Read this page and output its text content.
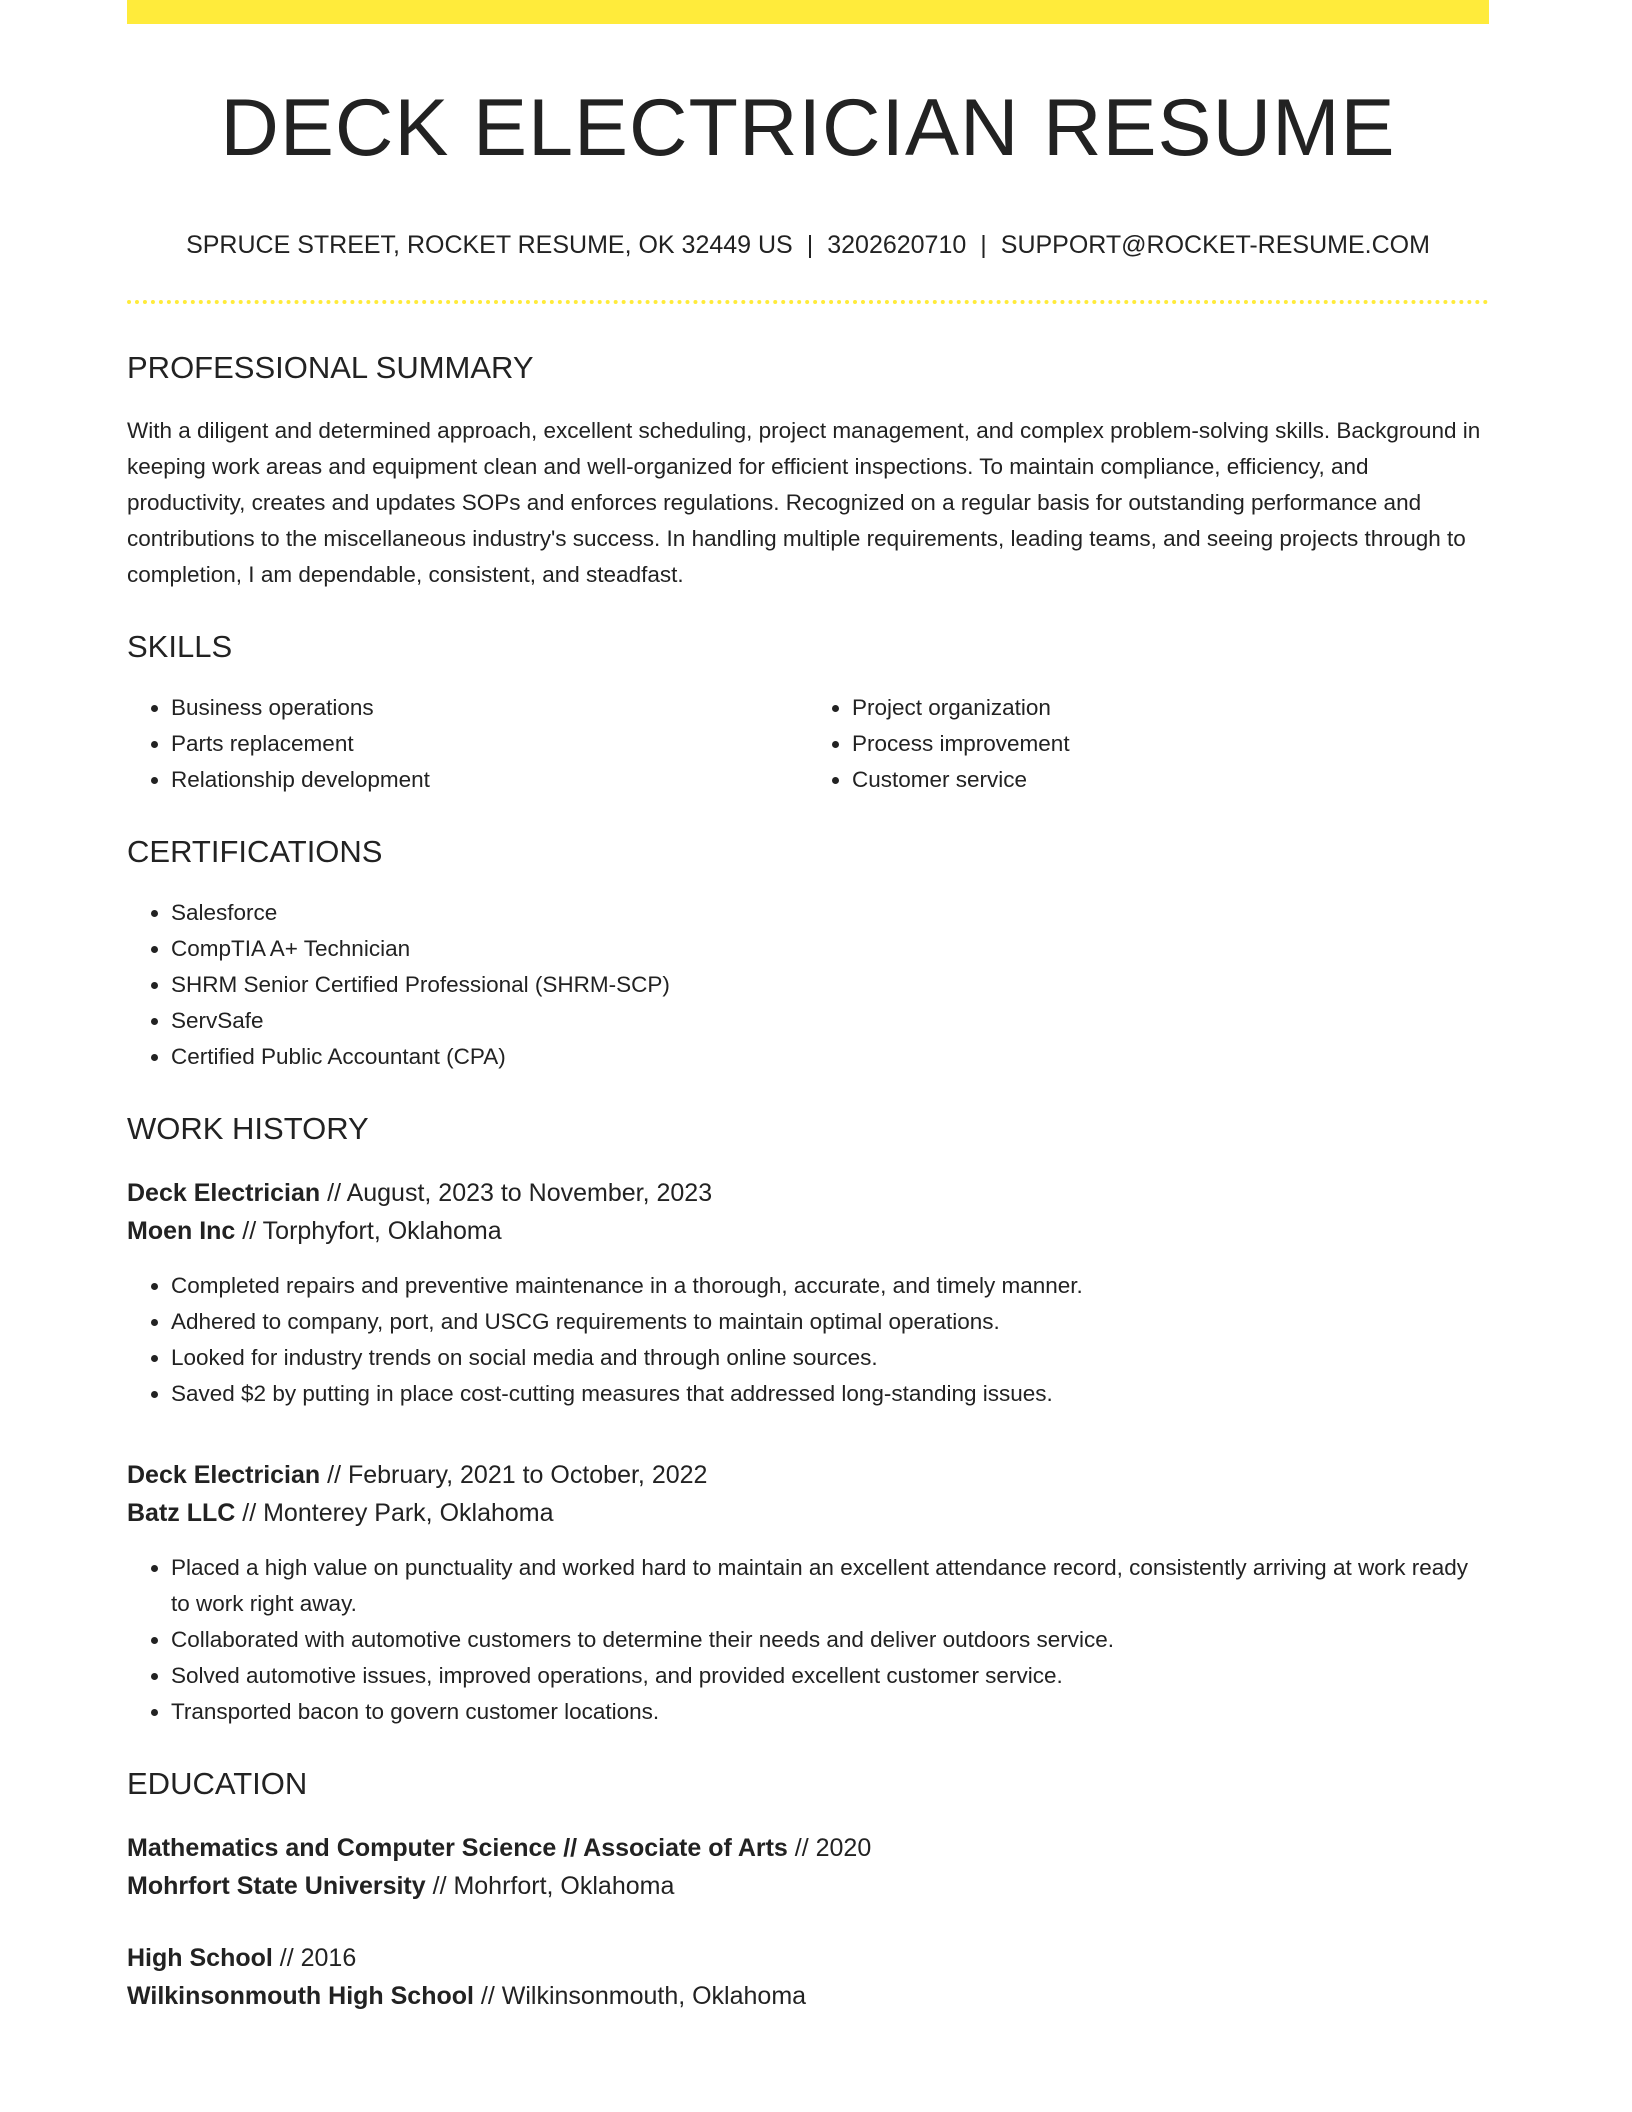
DECK ELECTRICIAN RESUME
SPRUCE STREET, ROCKET RESUME, OK 32449 US | 3202620710 | SUPPORT@ROCKET-RESUME.COM
PROFESSIONAL SUMMARY
With a diligent and determined approach, excellent scheduling, project management, and complex problem-solving skills. Background in keeping work areas and equipment clean and well-organized for efficient inspections. To maintain compliance, efficiency, and productivity, creates and updates SOPs and enforces regulations. Recognized on a regular basis for outstanding performance and contributions to the miscellaneous industry's success. In handling multiple requirements, leading teams, and seeing projects through to completion, I am dependable, consistent, and steadfast.
SKILLS
• Business operations
• Parts replacement
• Relationship development
• Project organization
• Process improvement
• Customer service
CERTIFICATIONS
• Salesforce
• CompTIA A+ Technician
• SHRM Senior Certified Professional (SHRM-SCP)
• ServSafe
• Certified Public Accountant (CPA)
WORK HISTORY
Deck Electrician // August, 2023 to November, 2023
Moen Inc // Torphyfort, Oklahoma
• Completed repairs and preventive maintenance in a thorough, accurate, and timely manner.
• Adhered to company, port, and USCG requirements to maintain optimal operations.
• Looked for industry trends on social media and through online sources.
• Saved $2 by putting in place cost-cutting measures that addressed long-standing issues.
Deck Electrician // February, 2021 to October, 2022
Batz LLC // Monterey Park, Oklahoma
• Placed a high value on punctuality and worked hard to maintain an excellent attendance record, consistently arriving at work ready to work right away.
• Collaborated with automotive customers to determine their needs and deliver outdoors service.
• Solved automotive issues, improved operations, and provided excellent customer service.
• Transported bacon to govern customer locations.
EDUCATION
Mathematics and Computer Science // Associate of Arts // 2020
Mohrfort State University // Mohrfort, Oklahoma
High School // 2016
Wilkinsonmouth High School // Wilkinsonmouth, Oklahoma
